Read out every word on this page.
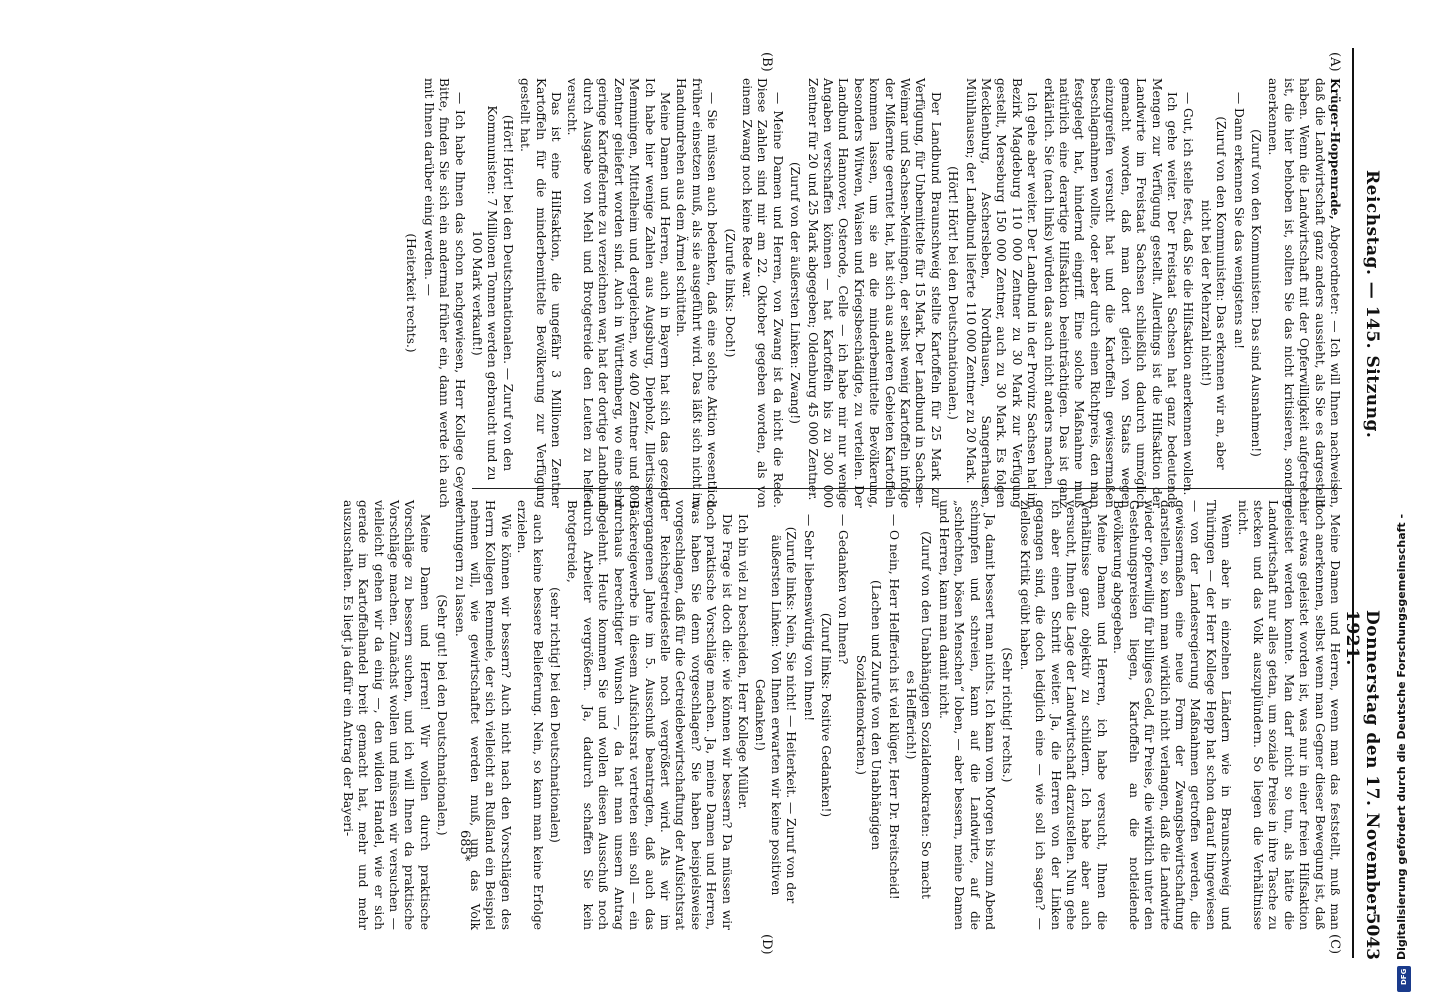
Reichstag. — 145. Sitzung.
Donnerstag den 17. November 1921.
5043
(A)
(B)
(C)
(D)

Krüger-Hoppenrade, Abgeordneter: — Ich will Ihnen nachweisen, daß die Landwirtschaft ganz anders aussieht, als Sie es dargestellt haben. Wenn die Landwirtschaft mit der Opferwilligkeit aufgetreten ist, die hier behoben ist, sollten Sie das nicht kritisieren, sondern anerkennen.

(Zuruf von den Kommunisten: Das sind Ausnahmen!)

— Dann erkennen Sie das wenigstens an!

(Zuruf von den Kommunisten: Das erkennen wir an, aber nicht bei der Mehrzahl nicht!)

— Gut, ich stelle fest, daß Sie die Hilfsaktion anerkennen wollen.

Ich gehe weiter. Der Freistaat Sachsen hat ganz bedeutende Mengen zur Verfügung gestellt. Allerdings ist die Hilfsaktion der Landwirte im Freistaat Sachsen schließlich dadurch unmöglich gemacht worden, daß man dort gleich von Staats wegen einzugreifen versucht hat und die Kartoffeln gewissermaßen beschlagnahmen wollte, oder aber durch einen Richtpreis, den man festgelegt hat, hindernd eingriff. Eine solche Maßnahme muß natürlich eine derartige Hilfsaktion beeinträchtigen. Das ist ganz erklärlich. Sie (nach links) würden das auch nicht anders machen.

Ich gehe aber weiter. Der Landbund in der Provinz Sachsen hat im Bezirk Magdeburg 110 000 Zentner zu 30 Mark zur Verfügung gestellt, Merseburg 150 000 Zentner, auch zu 30 Mark. Es folgen Mecklenburg, Aschersleben, Nordhausen, Sangerhausen, Mühlhausen; der Landbund lieferte 110 000 Zentner zu 20 Mark.

(Hört! Hört! bei den Deutschnationalen.)

Der Landbund Braunschweig stellte Kartoffeln für 25 Mark zur Verfügung, für Unbemittelte für 15 Mark. Der Landbund in Sachsen-Weimar und Sachsen-Meiningen, der selbst wenig Kartoffeln infolge der Mißernte geerntet hat, hat sich aus anderen Gebieten Kartoffeln kommen lassen, um sie an die minderbemittelte Bevölkerung, besonders Witwen, Waisen und Kriegsbeschädigte, zu verteilen. Der Landbund Hannover, Osterode, Celle — ich habe mir nur wenige Angaben verschaffen können — hat Kartoffeln bis zu 300 000 Zentner für 20 und 25 Mark abgegeben; Oldenburg 45 000 Zentner.

(Zuruf von der äußersten Linken: Zwang!)

— Meine Damen und Herren, von Zwang ist da nicht die Rede. Diese Zahlen sind mir am 22. Oktober gegeben worden, als von einem Zwang noch keine Rede war.

(Zurufe links: Doch!)

— Sie müssen auch bedenken, daß eine solche Aktion wesentlich früher einsetzen muß, als sie ausgeführt wird. Das läßt sich nicht im Handumdrehen aus dem Ärmel schütteln.

Meine Damen und Herren, auch in Bayern hat sich das gezeigt. Ich habe hier wenige Zahlen aus Augsburg, Diepholz, Illertissen, Memmingen, Mittelheim und dergleichen, wo 400 Zentner und 800 Zentner geliefert worden sind. Auch in Württemberg, wo eine sehr geringe Kartoffelernte zu verzeichnen war, hat der dortige Landbund durch Ausgabe von Mehl und Brotgetreide den Leuten zu helfen versucht.

Das ist eine Hilfsaktion, die ungefähr 3 Millionen Zentner Kartoffeln für die minderbemittelte Bevölkerung zur Verfügung gestellt hat.

(Hört! Hört! bei den Deutschnationalen. — Zuruf von den Kommunisten: 7 Millionen Tonnen werden gebraucht und zu 100 Mark verkauft!)

— Ich habe Ihnen das schon nachgewiesen, Herr Kollege Geyer! Bitte, finden Sie sich ein andermal früher ein, dann werde ich auch mit Ihnen darüber einig werden. —

(Heiterkeit rechts.)

Meine Damen und Herren, wenn man das feststellt, muß man doch anerkennen, selbst wenn man Gegner dieser Bewegung ist, daß hier etwas geleistet worden ist, was nur in einer freien Hilfsaktion geleistet werden konnte. Man darf nicht so tun, als hätte die Landwirtschaft nur alles getan, um soziale Preise in ihre Tasche zu stecken und das Volk auszuplündern. So liegen die Verhältnisse nicht.

Wenn aber in einzelnen Ländern wie in Braunschweig und Thüringen — der Herr Kollege Hepp hat schon darauf hingewiesen — von der Landesregierung Maßnahmen getroffen werden, die gewissermaßen eine neue Form der Zwangsbewirtschaftung darstellen, so kann man wirklich nicht verlangen, daß die Landwirte wieder opferwillig für billiges Geld, für Preise, die wirklich unter den Gestehungspreisen liegen, Kartoffeln an die notleidende Bevölkerung abgegeben.

Meine Damen und Herren, ich habe versucht, Ihnen die Verhältnisse ganz objektiv zu schildern. Ich habe aber auch versucht, Ihnen die Lage der Landwirtschaft darzustellen. Nun gehe ich aber einen Schritt weiter. Ja, die Herren von der Linken gegangen sind, die doch lediglich eine — wie soll ich sagen? — ziellose Kritik geübt haben.

(Sehr richtig! rechts.)

Ja, damit bessert man nichts. Ich kann vom Morgen bis zum Abend schimpfen und schreien, kann auf die Landwirte, auf die „schlechten, bösen Menschen“ loben, — aber bessern, meine Damen und Herren, kann man damit nicht.

(Zuruf von den Unabhängigen Sozialdemokraten: So macht es Helfferich!)

— O nein, Herr Helfferich ist viel klüger, Herr Dr. Breitscheid!

(Lachen und Zurufe von den Unabhängigen Sozialdemokraten.)

— Gedanken von Ihnen?

(Zuruf links: Positive Gedanken!)

— Sehr liebenswürdig von Ihnen!

(Zurufe links: Nein, Sie nicht! — Heiterkeit. — Zuruf von der äußersten Linken: Von Ihnen erwarten wir keine positiven Gedanken!)

Ich bin viel zu bescheiden, Herr Kollege Müller.

Die Frage ist doch die: wie können wir bessern? Da müssen wir doch praktische Vorschläge machen. Ja, meine Damen und Herren, was haben Sie denn vorgeschlagen? Sie haben beispielsweise vorgeschlagen, daß für die Getreidebewirtschaftung der Aufsichtsrat der Reichsgetreidestelle noch vergrößert wird. Als wir im vergangenen Jahre im 5. Ausschuß beantragten, daß auch das Bäckereigewerbe in diesem Aufsichtsrat vertreten sein soll — ein durchaus berechtigter Wunsch —, da hat man unsern Antrag abgelehnt. Heute kommen Sie und wollen diesen Ausschuß noch durch Arbeiter vergrößern. Ja, dadurch schaffen Sie kein Brotgetreide,

(sehr richtig! bei den Deutschnationalen)

auch keine bessere Belieferung. Nein, so kann man keine Erfolge erzielen.

Wie können wir bessern? Auch nicht nach den Vorschlägen des Herrn Kollegen Remmele, der sich vielleicht an Rußland ein Beispiel nehmen will, wie gewirtschaftet werden muß, um das Volk verhungern zu lassen.

(Sehr gut! bei den Deutschnationalen.)

Meine Damen und Herren! Wir wollen durch praktische Vorschläge zu bessern suchen, und ich will Ihnen da praktische Vorschläge machen. Zunächst wollen und müssen wir versuchen — vielleicht gehen wir da einig —, den wilden Handel, wie er sich gerade im Kartoffelhandel breit gemacht hat, mehr und mehr auszuschalten. Es liegt ja dafür ein Antrag der Bayeri-

685*	Digitalisierung gefördert durch die Deutsche Forschungsgemeinschaft -
DFG
